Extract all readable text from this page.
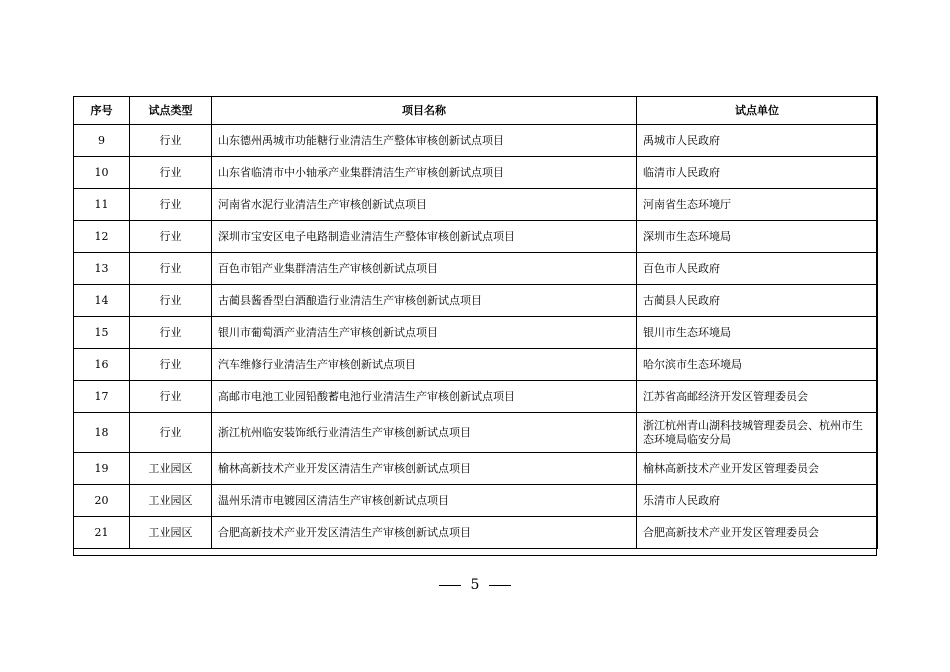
序号	试点类型	项目名称	试点单位
9	行业	山东德州禹城市功能糖行业清洁生产整体审核创新试点项目	禹城市人民政府
10	行业	山东省临清市中小轴承产业集群清洁生产审核创新试点项目	临清市人民政府
11	行业	河南省水泥行业清洁生产审核创新试点项目	河南省生态环境厅
12	行业	深圳市宝安区电子电路制造业清洁生产整体审核创新试点项目	深圳市生态环境局
13	行业	百色市铝产业集群清洁生产审核创新试点项目	百色市人民政府
14	行业	古蔺县酱香型白酒酿造行业清洁生产审核创新试点项目	古蔺县人民政府
15	行业	银川市葡萄酒产业清洁生产审核创新试点项目	银川市生态环境局
16	行业	汽车维修行业清洁生产审核创新试点项目	哈尔滨市生态环境局
17	行业	高邮市电池工业园铅酸蓄电池行业清洁生产审核创新试点项目	江苏省高邮经济开发区管理委员会
18	行业	浙江杭州临安装饰纸行业清洁生产审核创新试点项目	浙江杭州青山湖科技城管理委员会、杭州市生态环境局临安分局
19	工业园区	榆林高新技术产业开发区清洁生产审核创新试点项目	榆林高新技术产业开发区管理委员会
20	工业园区	温州乐清市电镀园区清洁生产审核创新试点项目	乐清市人民政府
21	工业园区	合肥高新技术产业开发区清洁生产审核创新试点项目	合肥高新技术产业开发区管理委员会
5
